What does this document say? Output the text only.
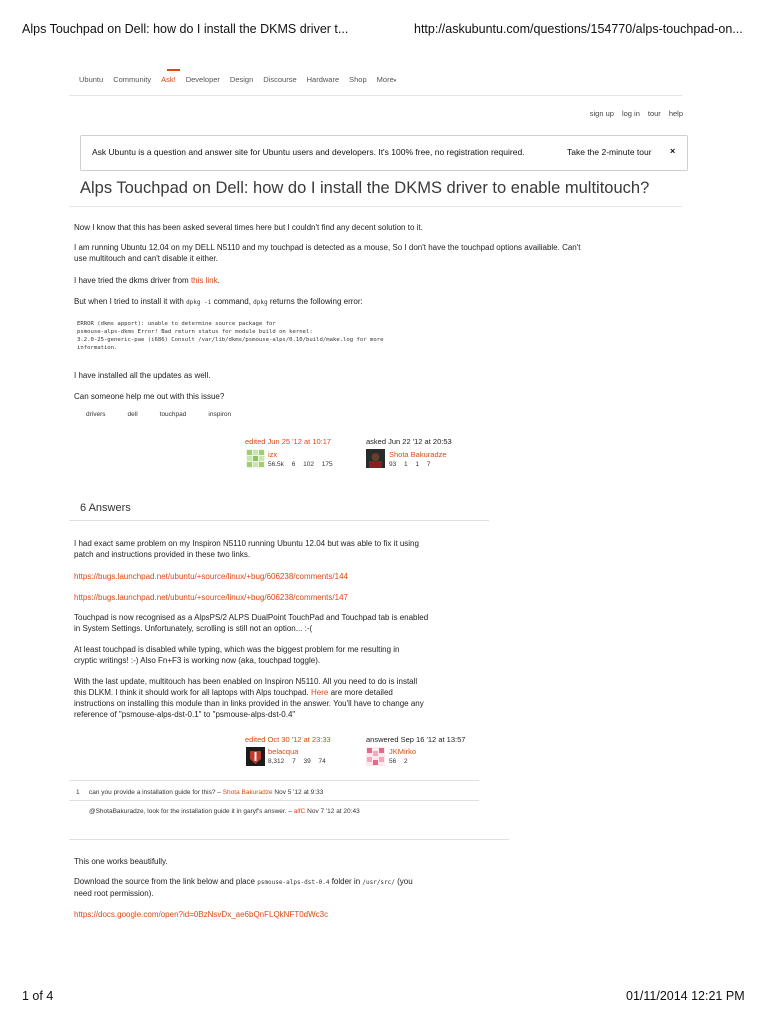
Alps Touchpad on Dell: how do I install the DKMS driver t...	http://askubuntu.com/questions/154770/alps-touchpad-on...
Ubuntu Community Ask! Developer Design Discourse Hardware Shop More▾
sign up log in tour help
Ask Ubuntu is a question and answer site for Ubuntu users and developers. It's 100% free, no registration required.	Take the 2-minute tour ×
Alps Touchpad on Dell: how do I install the DKMS driver to enable multitouch?
Now I know that this has been asked several times here but I couldn't find any decent solution to it.
I am running Ubuntu 12.04 on my DELL N5110 and my touchpad is detected as a mouse, So I don't have the touchpad options availiable. Can't
use multitouch and can't disable it either.
I have tried the dkms driver from this link.
But when I tried to install it with dpkg -i command, dpkg returns the following error:
ERROR (dkms apport): unable to determine source package for
psmouse-alps-dkms Error! Bad return status for module build on kernel:
3.2.0-25-generic-pae (i686) Consult /var/lib/dkms/psmouse-alps/0.10/build/make.log for more
information.
I have installed all the updates as well.
Can someone help me out with this issue?
drivers	dell	touchpad	inspiron
edited Jun 25 '12 at 10:17
izx
56.5k 6 102 175
asked Jun 22 '12 at 20:53
Shota Bakuradze
93 1 1 7
6 Answers
I had exact same problem on my Inspiron N5110 running Ubuntu 12.04 but was able to fix it using
patch and instructions provided in these two links.
https://bugs.launchpad.net/ubuntu/+source/linux/+bug/606238/comments/144
https://bugs.launchpad.net/ubuntu/+source/linux/+bug/606238/comments/147
Touchpad is now recognised as a AlpsPS/2 ALPS DualPoint TouchPad and Touchpad tab is enabled
in System Settings. Unfortunately, scrolling is still not an option... :-(
At least touchpad is disabled while typing, which was the biggest problem for me resulting in
cryptic writings! :-) Also Fn+F3 is working now (aka, touchpad toggle).
With the last update, multitouch has been enabled on Inspiron N5110. All you need to do is install
this DLKM. I think it should work for all laptops with Alps touchpad. Here are more detailed
instructions on installing this module than in links provided in the answer. You'll have to change any
reference of "psmouse-alps-dst-0.1" to "psmouse-alps-dst-0.4"
edited Oct 30 '12 at 23:33
belacqua
8,312 7 39 74
answered Sep 16 '12 at 13:57
JKMirko
56 2
1 can you provide a installation guide for this? – Shota Bakuradze Nov 5 '12 at 9:33
@ShotaBakuradze, look for the installation guide it in garyf's answer. – alfC Nov 7 '12 at 20:43
This one works beautifully.
Download the source from the link below and place psmouse-alps-dst-0.4 folder in /usr/src/ (you
need root permission).
https://docs.google.com/open?id=0BzNsvDx_ae6bQnFLQkNFT0dWc3c
1 of 4	01/11/2014 12:21 PM
